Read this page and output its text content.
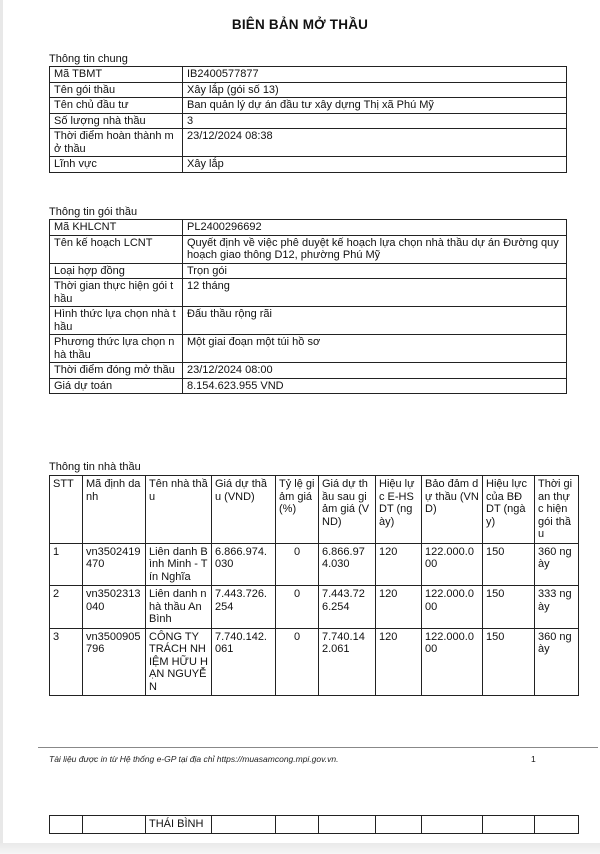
BIÊN BẢN MỞ THẦU
Thông tin chung
Mã TBMT	IB2400577877
Tên gói thầu	Xây lắp (gói số 13)
Tên chủ đầu tư	Ban quản lý dự án đầu tư xây dựng Thị xã Phú Mỹ
Số lượng nhà thầu	3
Thời điểm hoàn thành mở thầu	23/12/2024 08:38
Lĩnh vực	Xây lắp
Thông tin gói thầu
Mã KHLCNT	PL2400296692
Tên kế hoạch LCNT	Quyết định về việc phê duyệt kế hoạch lựa chọn nhà thầu dự án Đường quy hoạch giao thông D12, phường Phú Mỹ
Loại hợp đồng	Trọn gói
Thời gian thực hiện gói thầu	12 tháng
Hình thức lựa chọn nhà thầu	Đấu thầu rộng rãi
Phương thức lựa chọn nhà thầu	Một giai đoạn một túi hồ sơ
Thời điểm đóng mở thầu	23/12/2024 08:00
Giá dự toán	8.154.623.955 VND
Thông tin nhà thầu
STT	Mã định danh	Tên nhà thầu	Giá dự thầu (VND)	Tỷ lệ giảm giá (%)	Giá dự thầu sau giảm giá (VND)	Hiệu lực E-HSDT (ngày)	Bảo đảm dự thầu (VND)	Hiệu lực của BĐ DT (ngày)	Thời gian thực hiện gói thầu
1	vn3502419470	Liên danh Bình Minh - Tín Nghĩa	6.866.974.030	0	6.866.974.030	120	122.000.000	150	360 ngày
2	vn3502313040	Liên danh nhà thầu An Bình	7.443.726.254	0	7.443.726.254	120	122.000.000	150	333 ngày
3	vn3500905796	CÔNG TY TRÁCH NHIỆM HỮU HẠN NGUYỄN	7.740.142.061	0	7.740.142.061	120	122.000.000	150	360 ngày
Tài liệu được in từ Hệ thống e-GP tại địa chỉ https://muasamcong.mpi.gov.vn.	1
		THÁI BÌNH							
